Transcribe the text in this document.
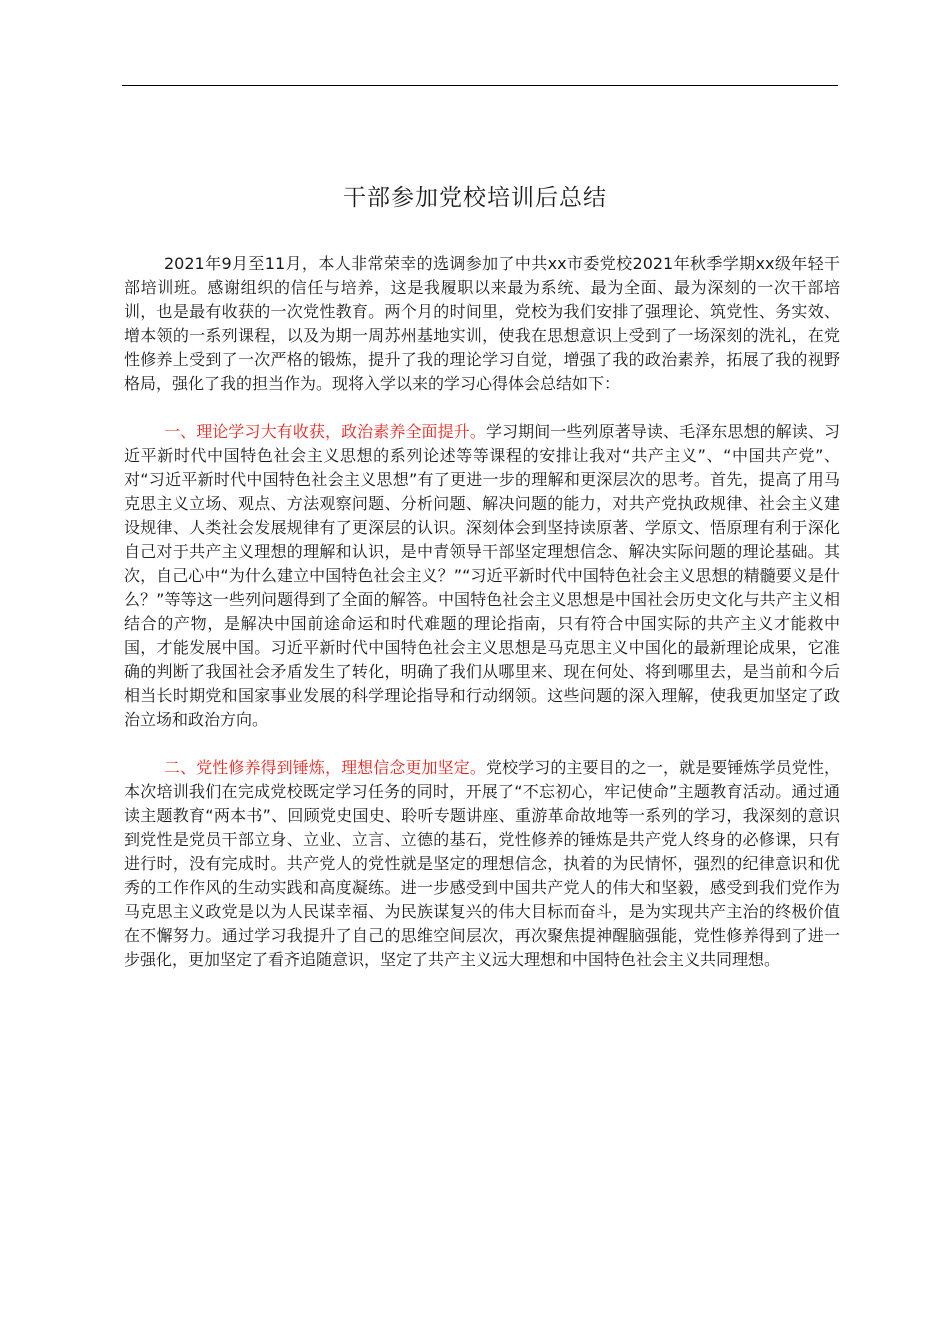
干部参加党校培训后总结

2021年9月至11月，本人非常荣幸的选调参加了中共xx市委党校2021年秋季学期xx级年轻干部培训班。感谢组织的信任与培养，这是我履职以来最为系统、最为全面、最为深刻的一次干部培训，也是最有收获的一次党性教育。两个月的时间里，党校为我们安排了强理论、筑党性、务实效、增本领的一系列课程，以及为期一周苏州基地实训，使我在思想意识上受到了一场深刻的洗礼，在党性修养上受到了一次严格的锻炼，提升了我的理论学习自觉，增强了我的政治素养，拓展了我的视野格局，强化了我的担当作为。现将入学以来的学习心得体会总结如下：

一、理论学习大有收获，政治素养全面提升。学习期间一些列原著导读、毛泽东思想的解读、习近平新时代中国特色社会主义思想的系列论述等等课程的安排让我对“共产主义”、“中国共产党”、对“习近平新时代中国特色社会主义思想”有了更进一步的理解和更深层次的思考。首先，提高了用马克思主义立场、观点、方法观察问题、分析问题、解决问题的能力，对共产党执政规律、社会主义建设规律、人类社会发展规律有了更深层的认识。深刻体会到坚持读原著、学原文、悟原理有利于深化自己对于共产主义理想的理解和认识，是中青领导干部坚定理想信念、解决实际问题的理论基础。其次，自己心中“为什么建立中国特色社会主义？”“习近平新时代中国特色社会主义思想的精髓要义是什么？”等等这一些列问题得到了全面的解答。中国特色社会主义思想是中国社会历史文化与共产主义相结合的产物，是解决中国前途命运和时代难题的理论指南，只有符合中国实际的共产主义才能救中国，才能发展中国。习近平新时代中国特色社会主义思想是马克思主义中国化的最新理论成果，它准确的判断了我国社会矛盾发生了转化，明确了我们从哪里来、现在何处、将到哪里去，是当前和今后相当长时期党和国家事业发展的科学理论指导和行动纲领。这些问题的深入理解，使我更加坚定了政治立场和政治方向。

二、党性修养得到锤炼，理想信念更加坚定。党校学习的主要目的之一，就是要锤炼学员党性，本次培训我们在完成党校既定学习任务的同时，开展了“不忘初心，牢记使命”主题教育活动。通过通读主题教育“两本书”、回顾党史国史、聆听专题讲座、重游革命故地等一系列的学习，我深刻的意识到党性是党员干部立身、立业、立言、立德的基石，党性修养的锤炼是共产党人终身的必修课，只有进行时，没有完成时。共产党人的党性就是坚定的理想信念，执着的为民情怀，强烈的纪律意识和优秀的工作作风的生动实践和高度凝练。进一步感受到中国共产党人的伟大和坚毅，感受到我们党作为马克思主义政党是以为人民谋幸福、为民族谋复兴的伟大目标而奋斗，是为实现共产主治的终极价值在不懈努力。通过学习我提升了自己的思维空间层次，再次聚焦提神醒脑强能，党性修养得到了进一步强化，更加坚定了看齐追随意识，坚定了共产主义远大理想和中国特色社会主义共同理想。
